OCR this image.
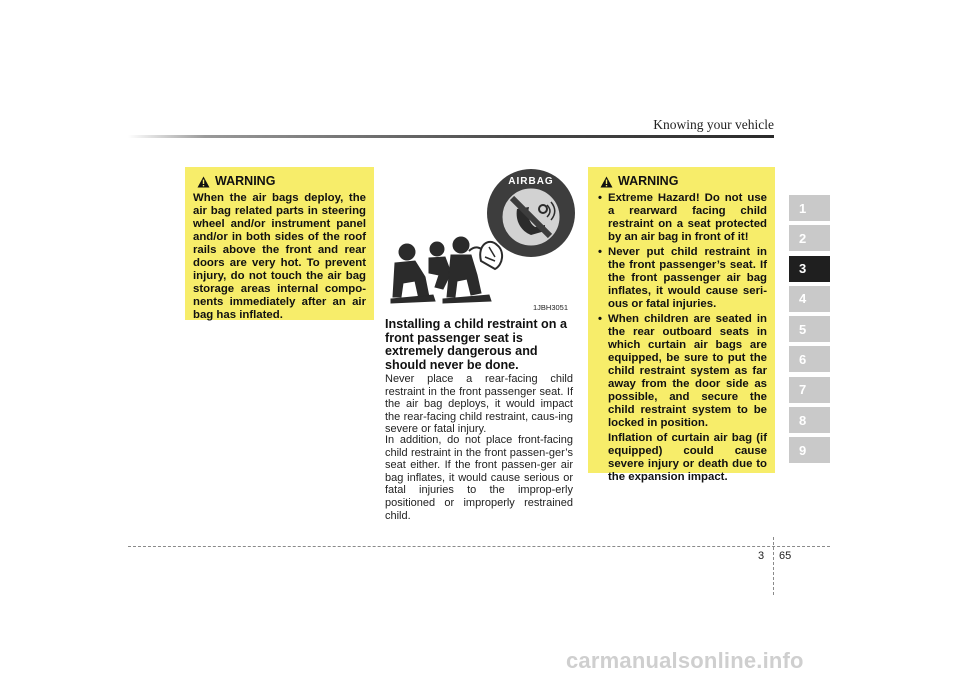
Knowing your vehicle
WARNING
When the air bags deploy, the air bag related parts in steering wheel and/or instrument panel and/or in both sides of the roof rails above the front and rear doors are very hot. To prevent injury, do not touch the air bag storage areas internal compo-nents immediately after an air bag has inflated.
AIRBAG
1JBH3051
Installing a child restraint on a front passenger seat is extremely dangerous and should never be done.
Never place a rear-facing child restraint in the front passenger seat. If the air bag deploys, it would impact the rear-facing child restraint, caus-ing severe or fatal injury.
In addition, do not place front-facing child restraint in the front passen-ger’s seat either. If the front passen-ger air bag inflates, it would cause serious or fatal injuries to the improp-erly positioned or improperly restrained child.
WARNING
• Extreme Hazard! Do not use a rearward facing child restraint on a seat protected by an air bag in front of it!
• Never put child restraint in the front passenger’s seat. If the front passenger air bag inflates, it would cause seri-ous or fatal injuries.
• When children are seated in the rear outboard seats in which curtain air bags are equipped, be sure to put the child restraint system as far away from the door side as possible, and secure the child restraint system to be locked in position.
Inflation of curtain air bag (if equipped) could cause severe injury or death due to the expansion impact.
1
2
3
4
5
6
7
8
9
3 65
carmanualsonline.info
